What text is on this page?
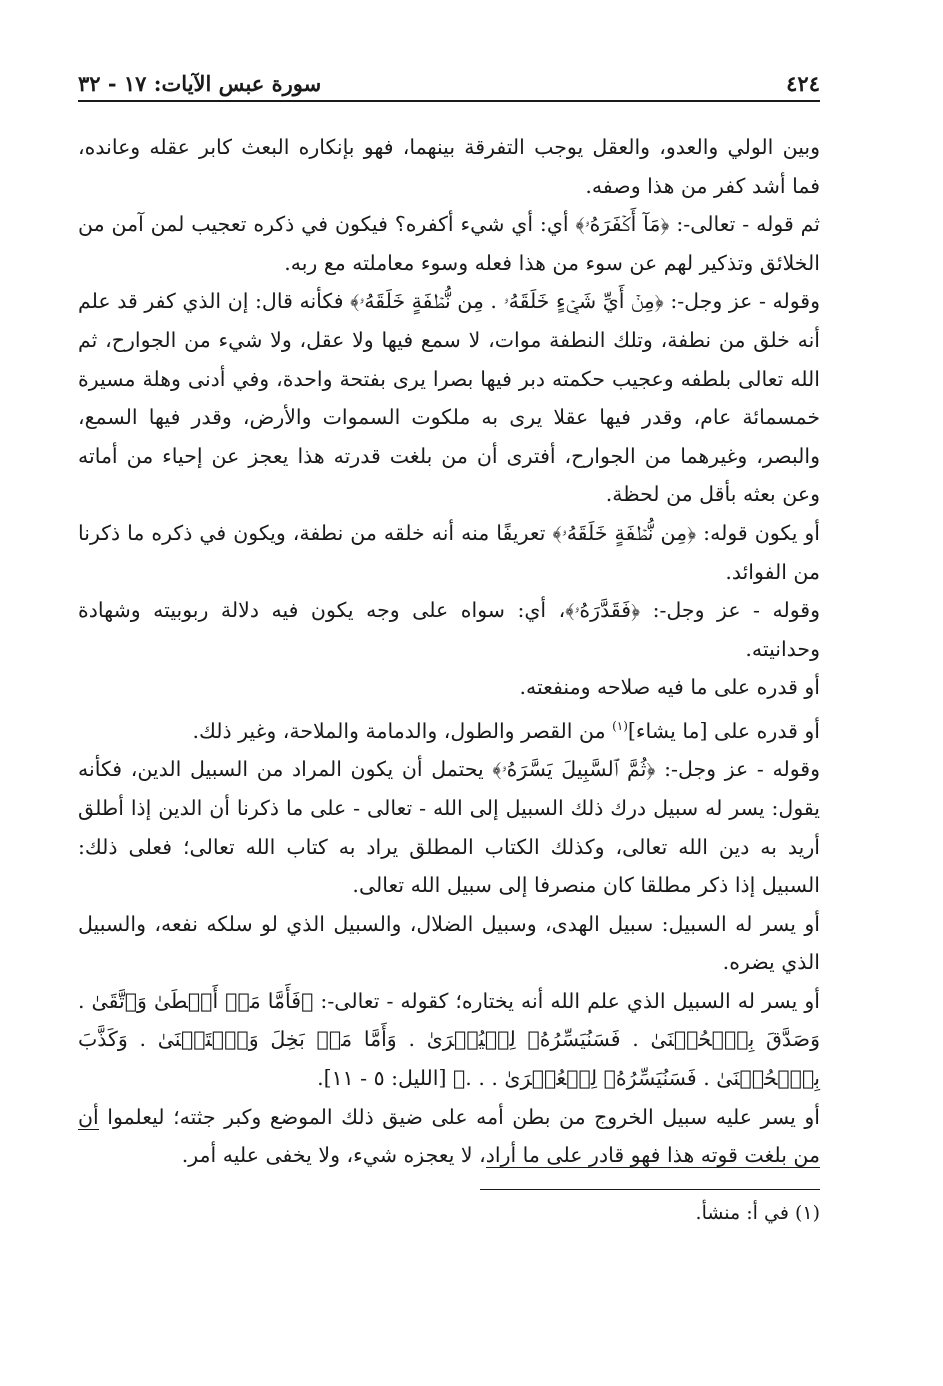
٤٢٤
سورة عبس الآيات: ١٧ - ٣٢

وبين الولي والعدو، والعقل يوجب التفرقة بينهما، فهو بإنكاره البعث كابر عقله وعانده، فما أشد كفر من هذا وصفه.

ثم قوله - تعالى-: ﴿مَآ أَكۡفَرَهُۥ﴾ أي: أي شيء أكفره؟ فيكون في ذكره تعجيب لمن آمن من الخلائق وتذكير لهم عن سوء من هذا فعله وسوء معاملته مع ربه.

وقوله - عز وجل-: ﴿مِنۡ أَيِّ شَيۡءٍ خَلَقَهُۥ . مِن نُّطۡفَةٍ خَلَقَهُۥ﴾ فكأنه قال: إن الذي كفر قد علم أنه خلق من نطفة، وتلك النطفة موات، لا سمع فيها ولا عقل، ولا شيء من الجوارح، ثم الله تعالى بلطفه وعجيب حكمته دبر فيها بصرا يرى بفتحة واحدة، وفي أدنى وهلة مسيرة خمسمائة عام، وقدر فيها عقلا يرى به ملكوت السموات والأرض، وقدر فيها السمع، والبصر، وغيرهما من الجوارح، أفترى أن من بلغت قدرته هذا يعجز عن إحياء من أماته وعن بعثه بأقل من لحظة.

أو يكون قوله: ﴿مِن نُّطۡفَةٍ خَلَقَهُۥ﴾ تعريفًا منه أنه خلقه من نطفة، ويكون في ذكره ما ذكرنا من الفوائد.

وقوله - عز وجل-: ﴿فَقَدَّرَهُۥ﴾، أي: سواه على وجه يكون فيه دلالة ربوبيته وشهادة وحدانيته.

أو قدره على ما فيه صلاحه ومنفعته.

أو قدره على [ما يشاء]$^{(١)}$ من القصر والطول، والدمامة والملاحة، وغير ذلك.

وقوله - عز وجل-: ﴿ثُمَّ ٱلسَّبِيلَ يَسَّرَهُۥ﴾ يحتمل أن يكون المراد من السبيل الدين، فكأنه يقول: يسر له سبيل درك ذلك السبيل إلى الله - تعالى - على ما ذكرنا أن الدين إذا أطلق أريد به دين الله تعالى، وكذلك الكتاب المطلق يراد به كتاب الله تعالى؛ فعلى ذلك: السبيل إذا ذكر مطلقا كان منصرفا إلى سبيل الله تعالى.

أو يسر له السبيل: سبيل الهدى، وسبيل الضلال، والسبيل الذي لو سلكه نفعه، والسبيل الذي يضره.

أو يسر له السبيل الذي علم الله أنه يختاره؛ كقوله - تعالى-: ﴿فَأَمَّا مَنۡ أَعۡطَىٰ وَٱتَّقَىٰ . وَصَدَّقَ بِٱلۡحُسۡنَىٰ . فَسَنُيَسِّرُهُۥ لِلۡيُسۡرَىٰ . وَأَمَّا مَنۢ بَخِلَ وَٱسۡتَغۡنَىٰ . وَكَذَّبَ بِٱلۡحُسۡنَىٰ . فَسَنُيَسِّرُهُۥ لِلۡعُسۡرَىٰ . . .﴾ [الليل: ٥ - ١١].

أو يسر عليه سبيل الخروج من بطن أمه على ضيق ذلك الموضع وكبر جثته؛ ليعلموا أن من بلغت قوته هذا فهو قادر على ما أراد، لا يعجزه شيء، ولا يخفى عليه أمر.

(١) في أ: منشأ.
